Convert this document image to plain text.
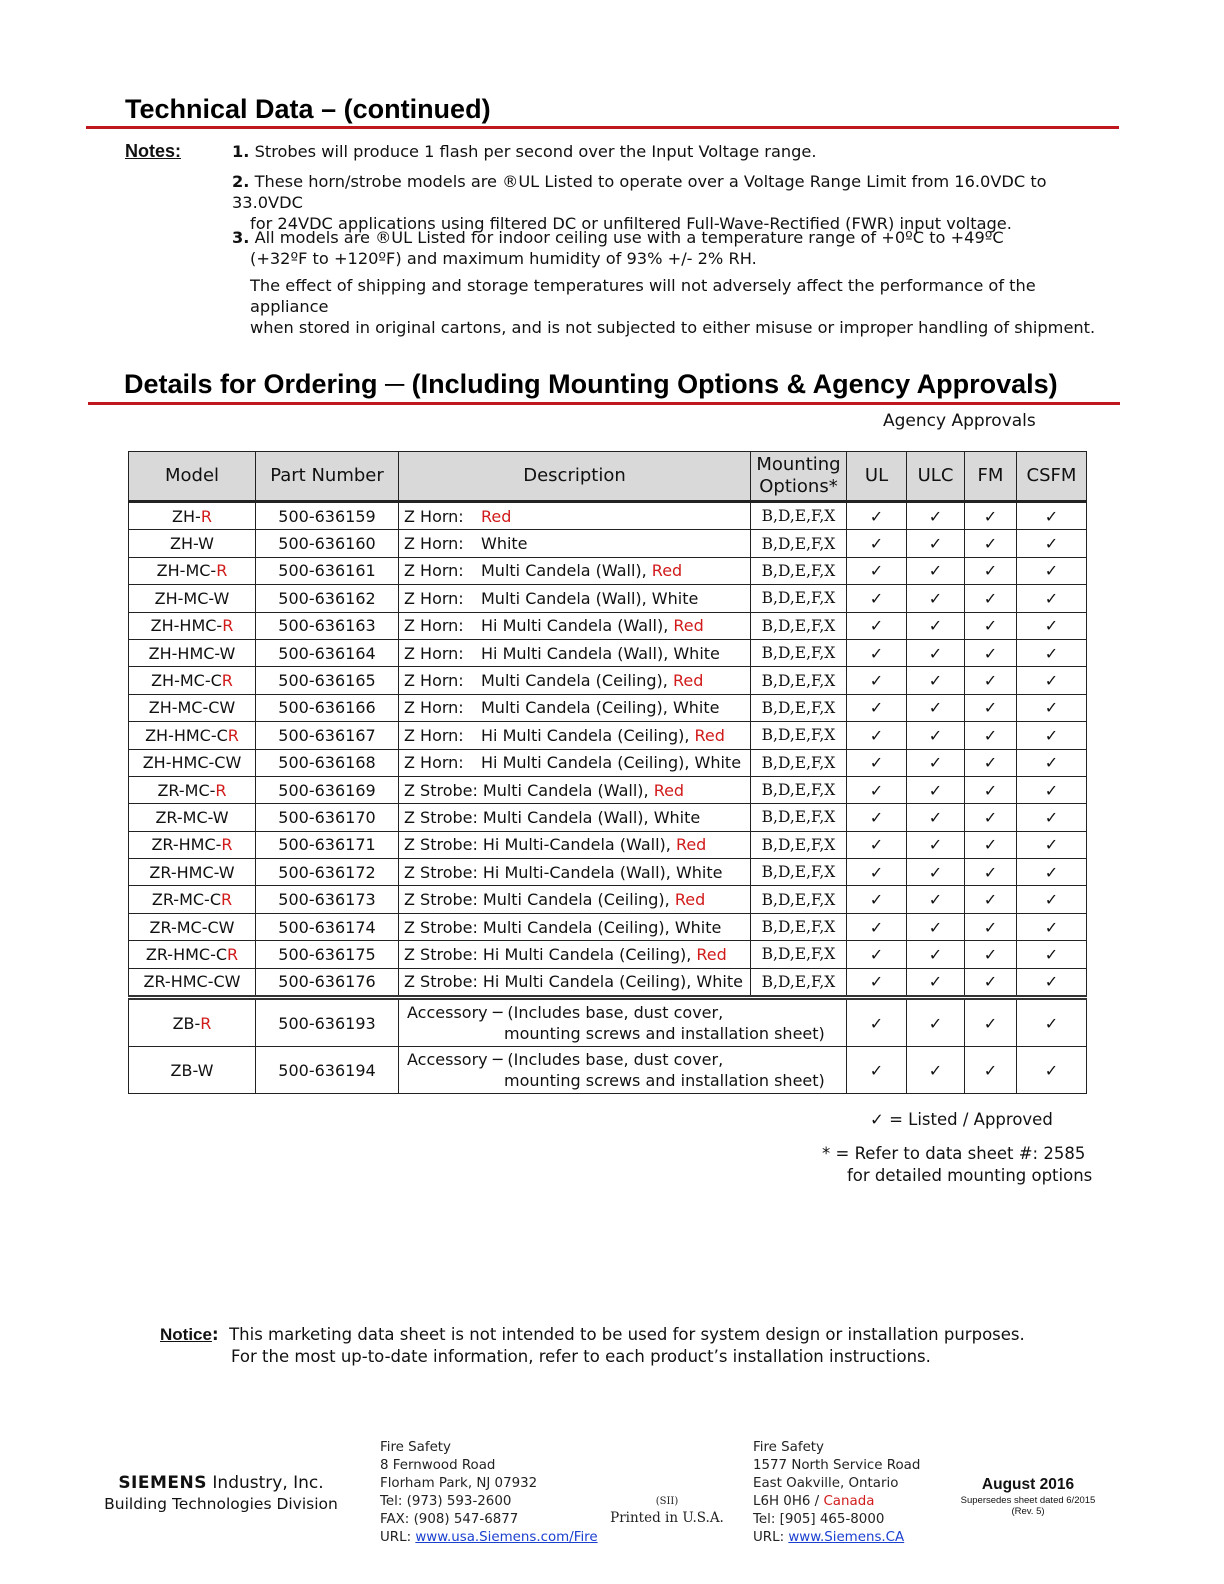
Technical Data – (continued)
Notes:	1. Strobes will produce 1 flash per second over the Input Voltage range.
2. These horn/strobe models are ®UL Listed to operate over a Voltage Range Limit from 16.0VDC to 33.0VDC
for 24VDC applications using filtered DC or unfiltered Full-Wave-Rectified (FWR) input voltage.
3. All models are ®UL Listed for indoor ceiling use with a temperature range of +0ºC to +49ºC
(+32ºF to +120ºF) and maximum humidity of 93% +/- 2% RH.
The effect of shipping and storage temperatures will not adversely affect the performance of the appliance
when stored in original cartons, and is not subjected to either misuse or improper handling of shipment.
Details for Ordering ─ (Including Mounting Options & Agency Approvals)
Agency Approvals
Model	Part Number	Description	Mounting
Options*	UL	ULC	FM	CSFM
ZH-R	500-636159	Z Horn: Red	B,D,E,F,X	✓	✓	✓	✓
ZH-W	500-636160	Z Horn: White	B,D,E,F,X	✓	✓	✓	✓
ZH-MC-R	500-636161	Z Horn: Multi Candela (Wall), Red	B,D,E,F,X	✓	✓	✓	✓
ZH-MC-W	500-636162	Z Horn: Multi Candela (Wall), White	B,D,E,F,X	✓	✓	✓	✓
ZH-HMC-R	500-636163	Z Horn: Hi Multi Candela (Wall), Red	B,D,E,F,X	✓	✓	✓	✓
ZH-HMC-W	500-636164	Z Horn: Hi Multi Candela (Wall), White	B,D,E,F,X	✓	✓	✓	✓
ZH-MC-CR	500-636165	Z Horn: Multi Candela (Ceiling), Red	B,D,E,F,X	✓	✓	✓	✓
ZH-MC-CW	500-636166	Z Horn: Multi Candela (Ceiling), White	B,D,E,F,X	✓	✓	✓	✓
ZH-HMC-CR	500-636167	Z Horn: Hi Multi Candela (Ceiling), Red	B,D,E,F,X	✓	✓	✓	✓
ZH-HMC-CW	500-636168	Z Horn: Hi Multi Candela (Ceiling), White	B,D,E,F,X	✓	✓	✓	✓
ZR-MC-R	500-636169	Z Strobe: Multi Candela (Wall), Red	B,D,E,F,X	✓	✓	✓	✓
ZR-MC-W	500-636170	Z Strobe: Multi Candela (Wall), White	B,D,E,F,X	✓	✓	✓	✓
ZR-HMC-R	500-636171	Z Strobe: Hi Multi-Candela (Wall), Red	B,D,E,F,X	✓	✓	✓	✓
ZR-HMC-W	500-636172	Z Strobe: Hi Multi-Candela (Wall), White	B,D,E,F,X	✓	✓	✓	✓
ZR-MC-CR	500-636173	Z Strobe: Multi Candela (Ceiling), Red	B,D,E,F,X	✓	✓	✓	✓
ZR-MC-CW	500-636174	Z Strobe: Multi Candela (Ceiling), White	B,D,E,F,X	✓	✓	✓	✓
ZR-HMC-CR	500-636175	Z Strobe: Hi Multi Candela (Ceiling), Red	B,D,E,F,X	✓	✓	✓	✓
ZR-HMC-CW	500-636176	Z Strobe: Hi Multi Candela (Ceiling), White	B,D,E,F,X	✓	✓	✓	✓
ZB-R	500-636193	Accessory ─ (Includes base, dust cover,
mounting screws and installation sheet)		✓	✓	✓	✓
ZB-W	500-636194	Accessory ─ (Includes base, dust cover,
mounting screws and installation sheet)		✓	✓	✓	✓
✓ = Listed / Approved
* = Refer to data sheet #: 2585
for detailed mounting options
Notice: This marketing data sheet is not intended to be used for system design or installation purposes.
For the most up-to-date information, refer to each product’s installation instructions.
SIEMENS Industry, Inc.
Building Technologies Division
Fire Safety
8 Fernwood Road
Florham Park, NJ 07932
Tel: (973) 593-2600
FAX: (908) 547-6877
URL: www.usa.Siemens.com/Fire
(SII)
Printed in U.S.A.
Fire Safety
1577 North Service Road
East Oakville, Ontario
L6H 0H6 / Canada
Tel: [905] 465-8000
URL: www.Siemens.CA
August 2016
Supersedes sheet dated 6/2015
(Rev. 5)
